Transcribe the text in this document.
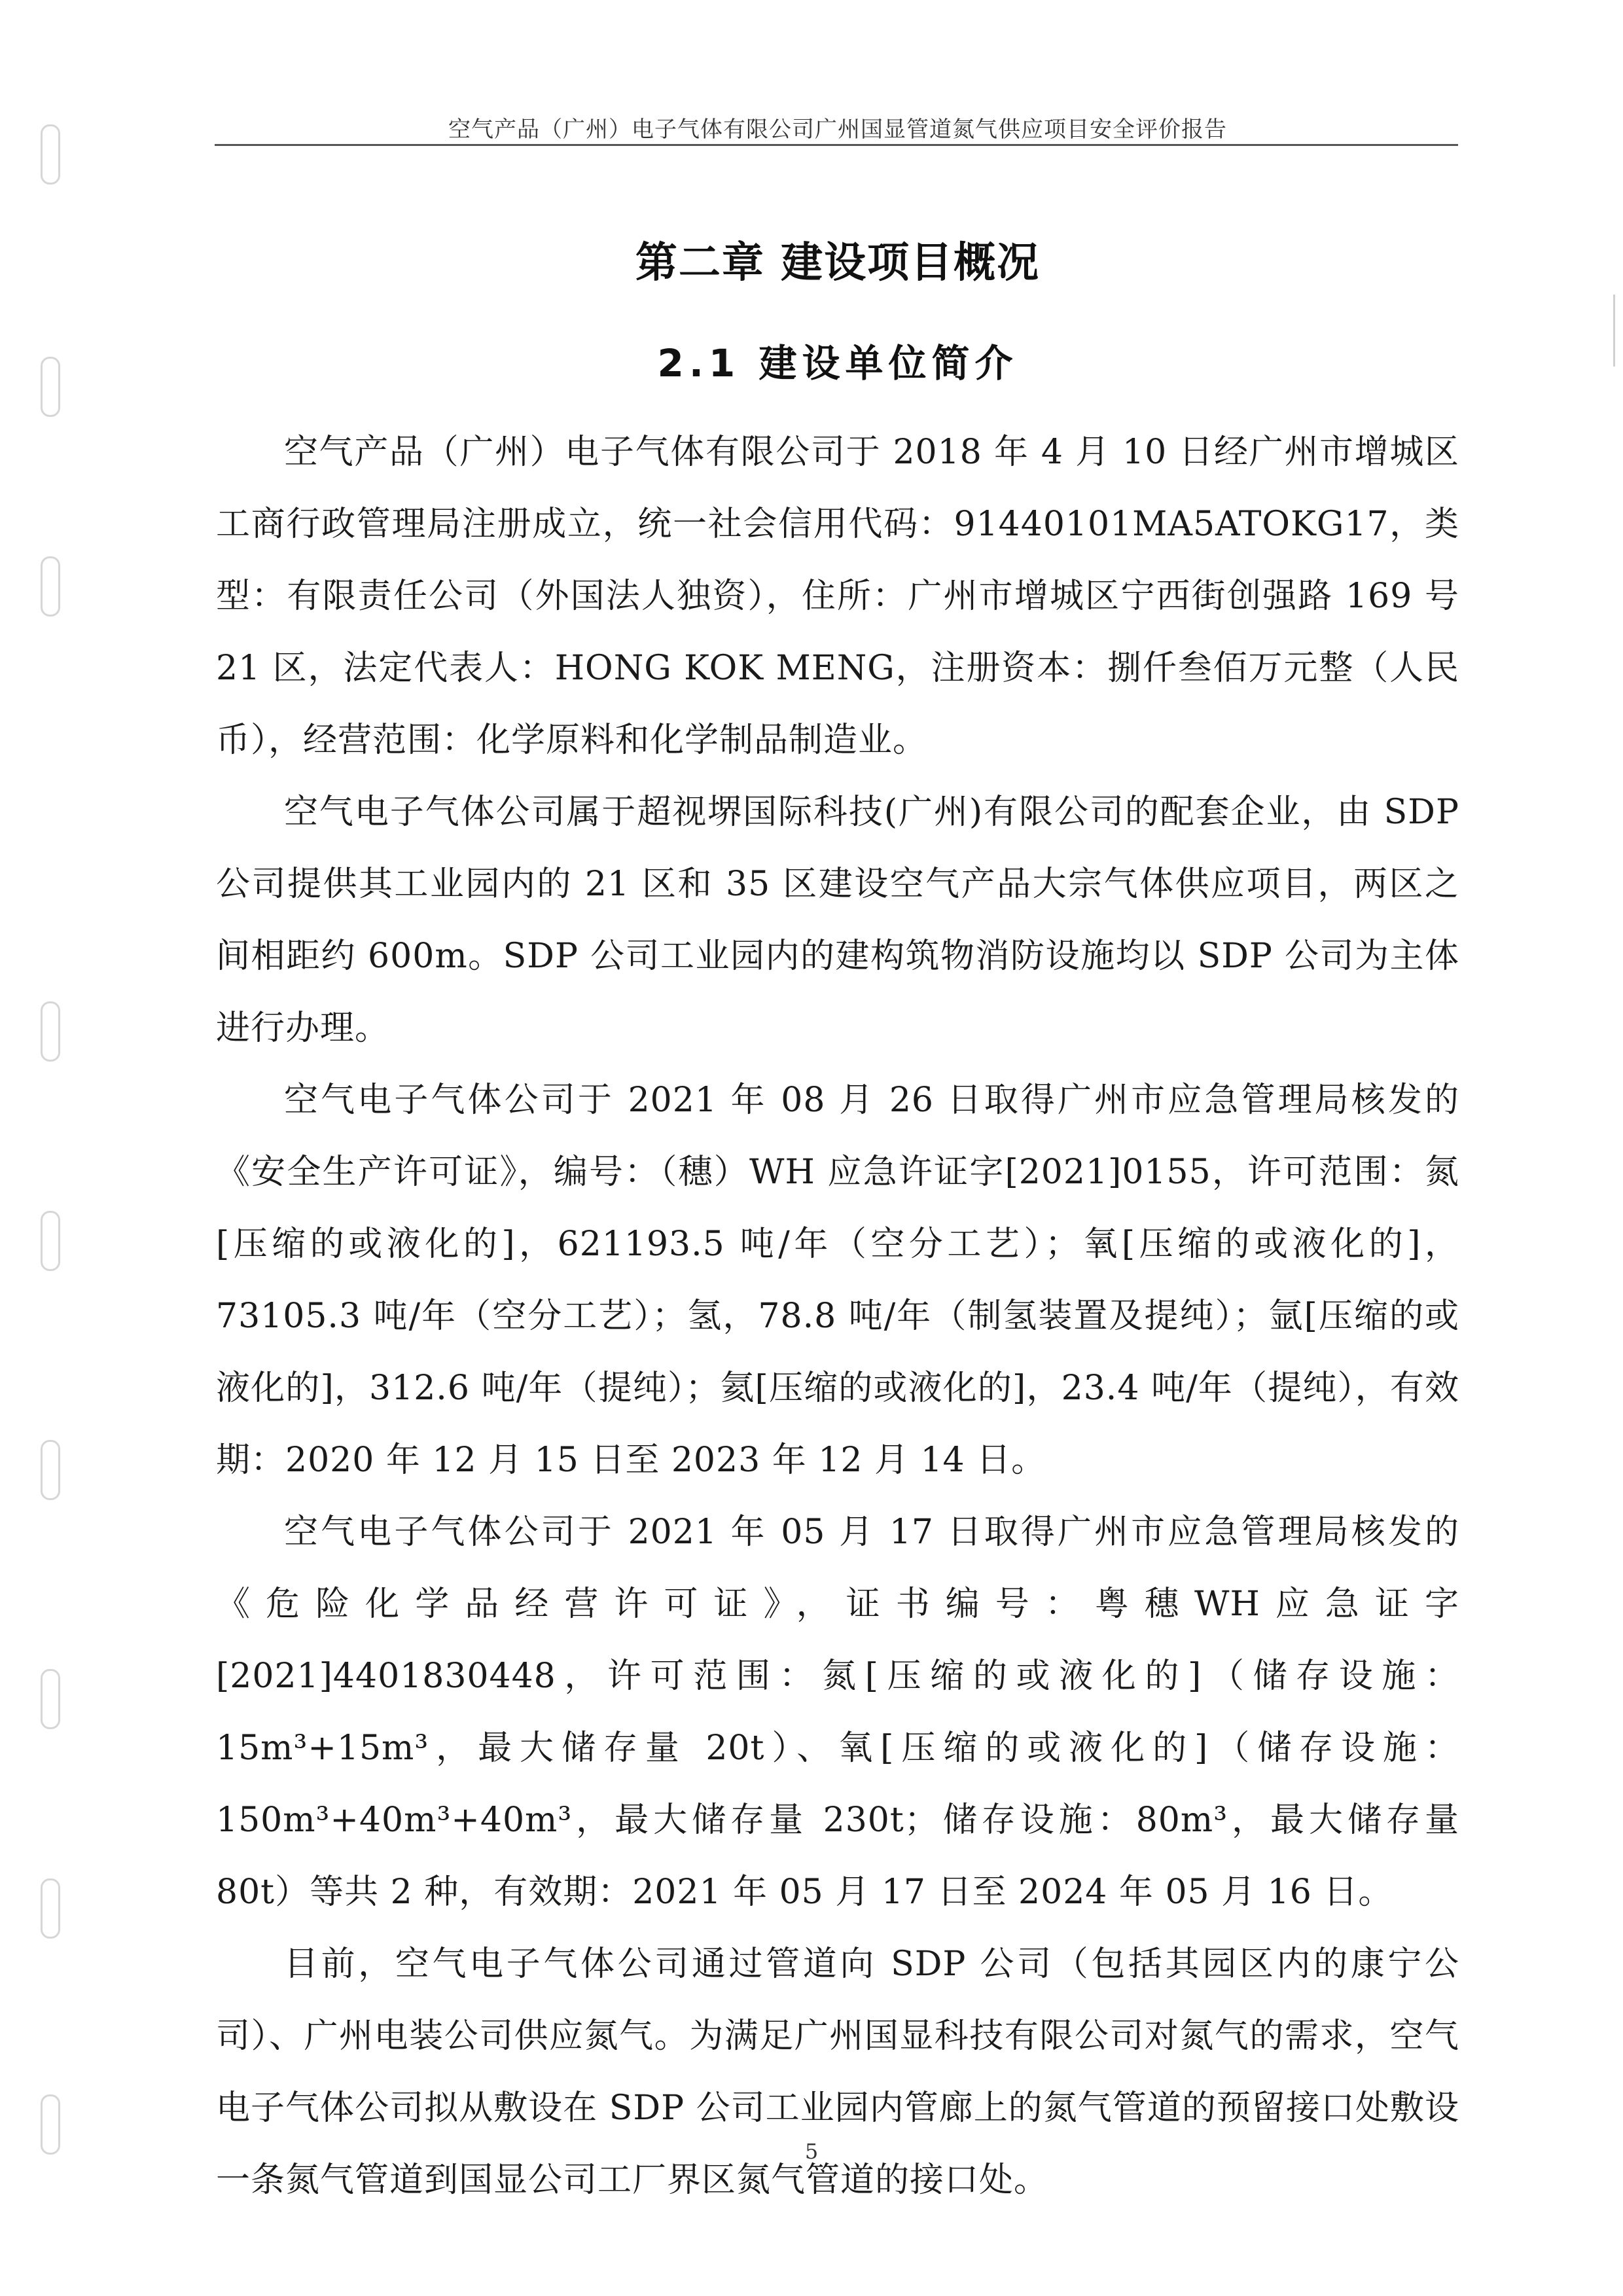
空气产品（广州）电子气体有限公司广州国显管道氮气供应项目安全评价报告
第二章 建设项目概况
2.1 建设单位简介

空气产品（广州）电子气体有限公司于 2018 年 4 月 10 日经广州市增城区工商行政管理局注册成立，统一社会信用代码：91440101MA5ATOKG17，类型：有限责任公司（外国法人独资），住所：广州市增城区宁西街创强路 169 号 21 区，法定代表人：HONG KOK MENG，注册资本：捌仟叁佰万元整（人民币），经营范围：化学原料和化学制品制造业。

空气电子气体公司属于超视堺国际科技(广州)有限公司的配套企业，由 SDP 公司提供其工业园内的 21 区和 35 区建设空气产品大宗气体供应项目，两区之间相距约 600m。SDP 公司工业园内的建构筑物消防设施均以 SDP 公司为主体进行办理。

空气电子气体公司于 2021 年 08 月 26 日取得广州市应急管理局核发的《安全生产许可证》，编号：（穗）WH 应急许证字[2021]0155，许可范围：氮[压缩的或液化的]，621193.5 吨/年（空分工艺）；氧[压缩的或液化的]，73105.3 吨/年（空分工艺）；氢，78.8 吨/年（制氢装置及提纯）；氩[压缩的或液化的]，312.6 吨/年（提纯）；氦[压缩的或液化的]，23.4 吨/年（提纯），有效期：2020 年 12 月 15 日至 2023 年 12 月 14 日。

空气电子气体公司于 2021 年 05 月 17 日取得广州市应急管理局核发的《危险化学品经营许可证》，证书编号：粤穗WH应急证字[2021]4401830448，许可范围：氮[压缩的或液化的]（储存设施：15m³+15m³，最大储存量 20t）、氧[压缩的或液化的]（储存设施：150m³+40m³+40m³，最大储存量 230t；储存设施：80m³，最大储存量 80t）等共 2 种，有效期：2021 年 05 月 17 日至 2024 年 05 月 16 日。

目前，空气电子气体公司通过管道向 SDP 公司（包括其园区内的康宁公司）、广州电装公司供应氮气。为满足广州国显科技有限公司对氮气的需求，空气电子气体公司拟从敷设在 SDP 公司工业园内管廊上的氮气管道的预留接口处敷设一条氮气管道到国显公司工厂界区氮气管道的接口处。

5
